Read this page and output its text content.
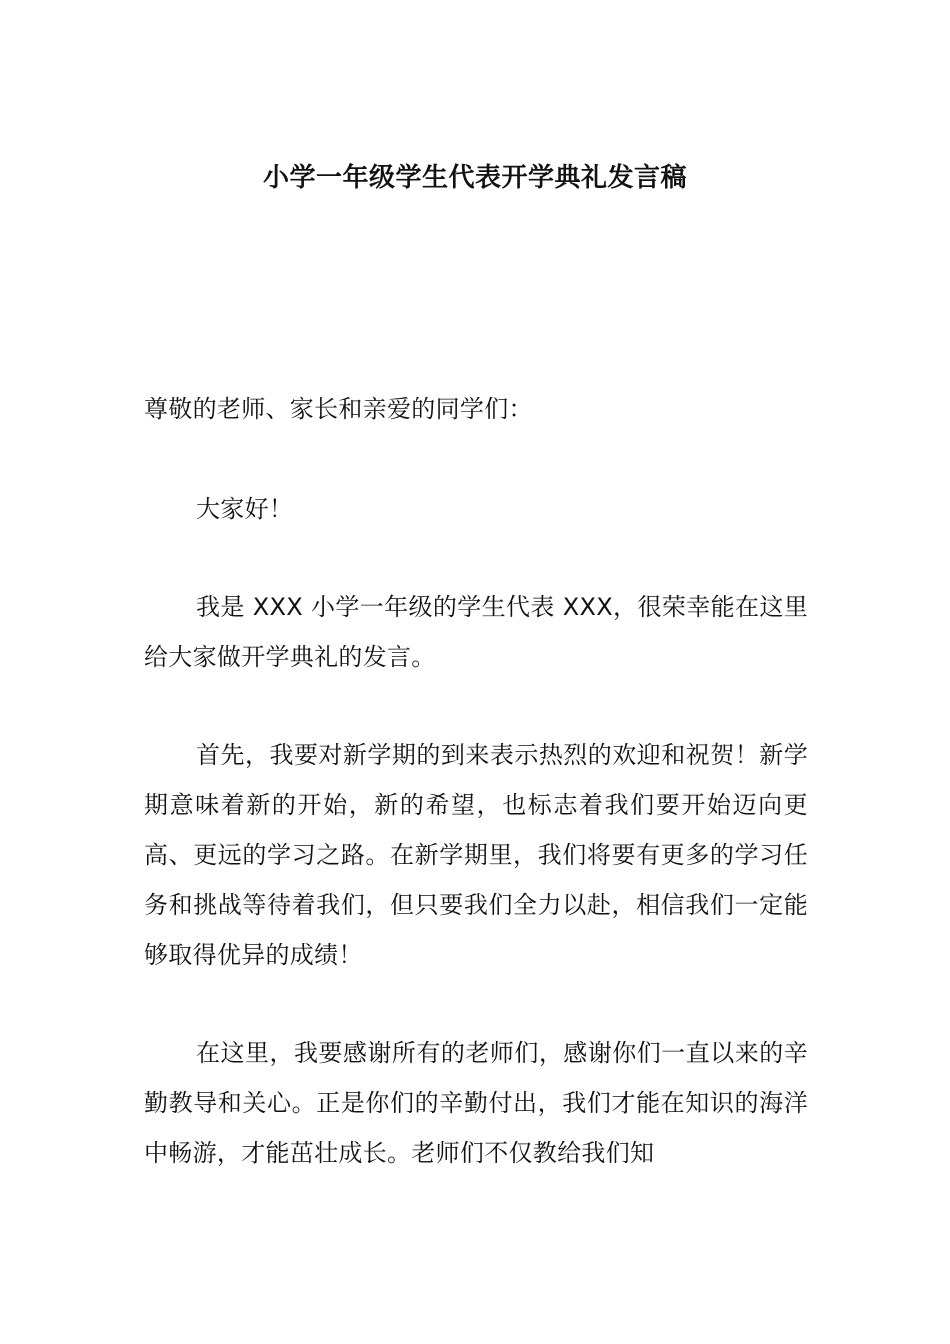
小学一年级学生代表开学典礼发言稿
尊敬的老师、家长和亲爱的同学们：
大家好！
我是 XXX 小学一年级的学生代表 XXX，很荣幸能在这里给大家做开学典礼的发言。
首先，我要对新学期的到来表示热烈的欢迎和祝贺！新学期意味着新的开始，新的希望，也标志着我们要开始迈向更高、更远的学习之路。在新学期里，我们将要有更多的学习任务和挑战等待着我们，但只要我们全力以赴，相信我们一定能够取得优异的成绩！
在这里，我要感谢所有的老师们，感谢你们一直以来的辛勤教导和关心。正是你们的辛勤付出，我们才能在知识的海洋中畅游，才能茁壮成长。老师们不仅教给我们知
